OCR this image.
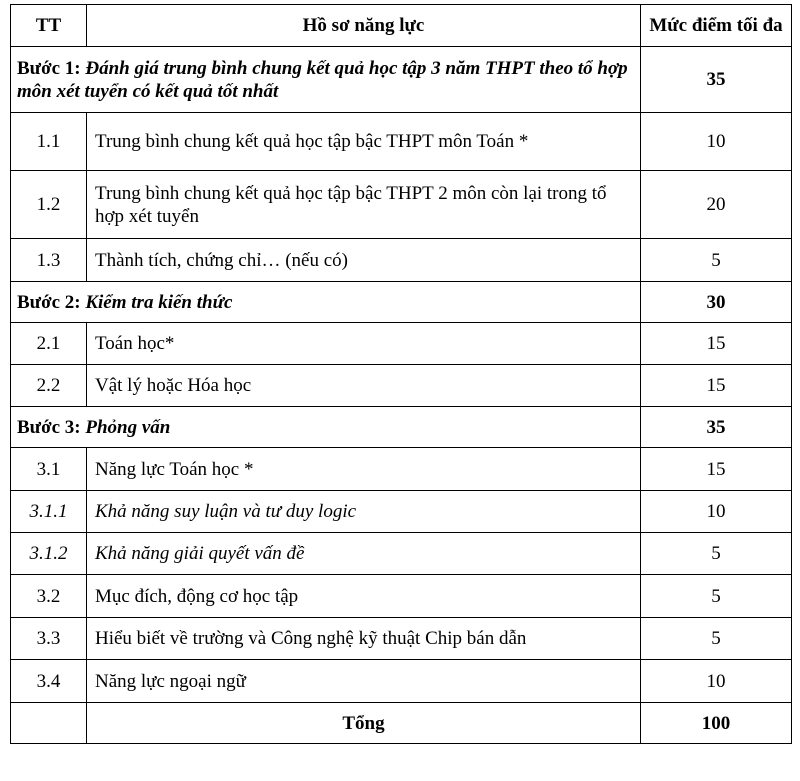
TT	Hồ sơ năng lực	Mức điểm tối đa
Bước 1: Đánh giá trung bình chung kết quả học tập 3 năm THPT theo tổ hợp môn xét tuyển có kết quả tốt nhất		35
1.1	Trung bình chung kết quả học tập bậc THPT môn Toán *	10
1.2	Trung bình chung kết quả học tập bậc THPT 2 môn còn lại trong tổ hợp xét tuyển	20
1.3	Thành tích, chứng chỉ… (nếu có)	5
Bước 2: Kiểm tra kiến thức		30
2.1	Toán học*	15
2.2	Vật lý hoặc Hóa học	15
Bước 3: Phỏng vấn		35
3.1	Năng lực Toán học *	15
3.1.1	Khả năng suy luận và tư duy logic	10
3.1.2	Khả năng giải quyết vấn đề	5
3.2	Mục đích, động cơ học tập	5
3.3	Hiểu biết về trường và Công nghệ kỹ thuật Chip bán dẫn	5
3.4	Năng lực ngoại ngữ	10
	Tổng	100
